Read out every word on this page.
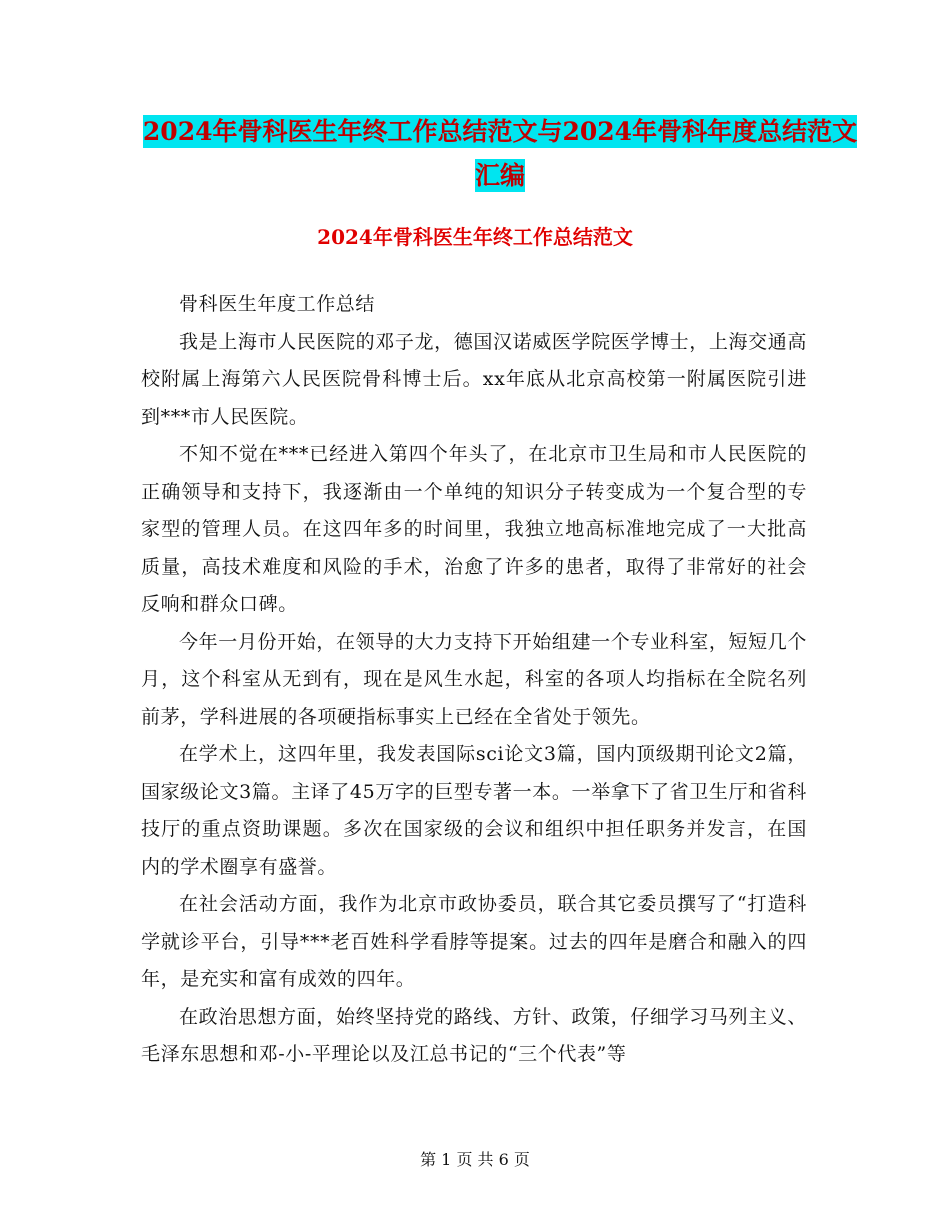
2024年骨科医生年终工作总结范文与2024年骨科年度总结范文汇编
2024年骨科医生年终工作总结范文

骨科医生年度工作总结

我是上海市人民医院的邓子龙，德国汉诺威医学院医学博士，上海交通高校附属上海第六人民医院骨科博士后。xx年底从北京高校第一附属医院引进到***市人民医院。

不知不觉在***已经进入第四个年头了，在北京市卫生局和市人民医院的正确领导和支持下，我逐渐由一个单纯的知识分子转变成为一个复合型的专家型的管理人员。在这四年多的时间里，我独立地高标准地完成了一大批高质量，高技术难度和风险的手术，治愈了许多的患者，取得了非常好的社会反响和群众口碑。

今年一月份开始，在领导的大力支持下开始组建一个专业科室，短短几个月，这个科室从无到有，现在是风生水起，科室的各项人均指标在全院名列前茅，学科进展的各项硬指标事实上已经在全省处于领先。

在学术上，这四年里，我发表国际sci论文3篇，国内顶级期刊论文2篇，国家级论文3篇。主译了45万字的巨型专著一本。一举拿下了省卫生厅和省科技厅的重点资助课题。多次在国家级的会议和组织中担任职务并发言，在国内的学术圈享有盛誉。

在社会活动方面，我作为北京市政协委员，联合其它委员撰写了“打造科学就诊平台，引导***老百姓科学看脖等提案。过去的四年是磨合和融入的四年，是充实和富有成效的四年。

在政治思想方面，始终坚持党的路线、方针、政策，仔细学习马列主义、毛泽东思想和邓-小-平理论以及江总书记的“三个代表”等

第 1 页 共 6 页
